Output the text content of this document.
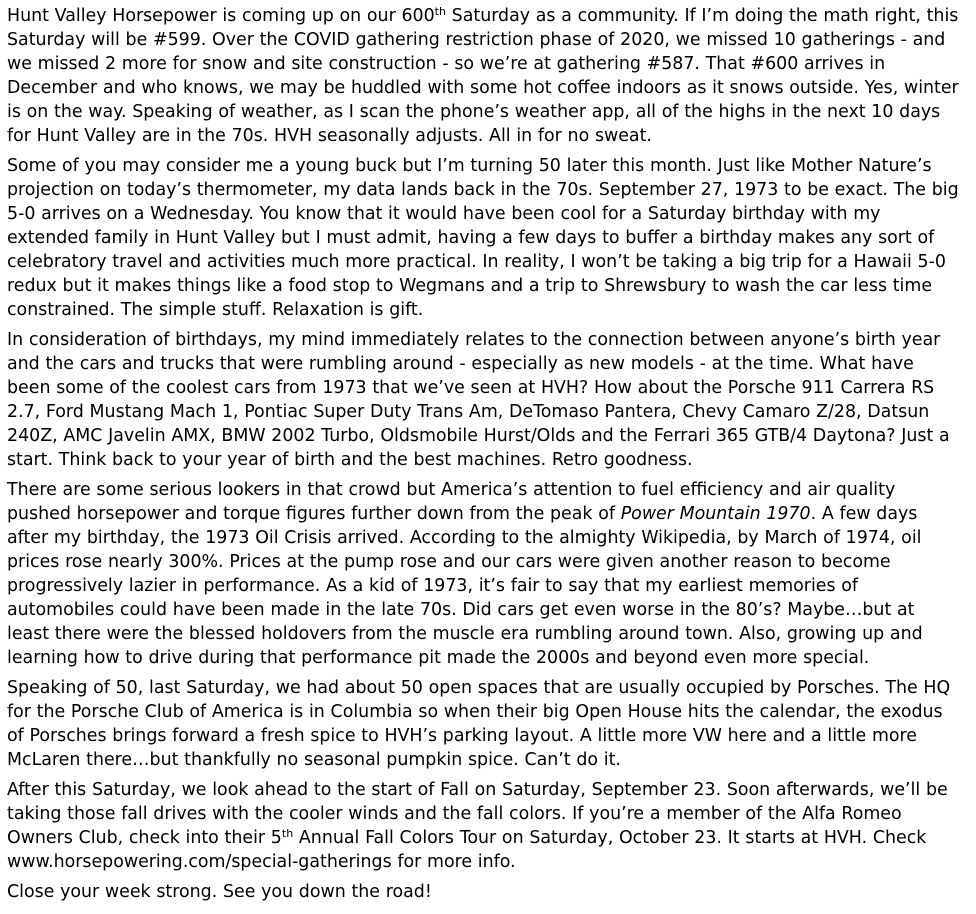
Hunt Valley Horsepower is coming up on our 600th Saturday as a community. If I’m doing the math right, this Saturday will be #599. Over the COVID gathering restriction phase of 2020, we missed 10 gatherings - and we missed 2 more for snow and site construction - so we’re at gathering #587. That #600 arrives in December and who knows, we may be huddled with some hot coffee indoors as it snows outside. Yes, winter is on the way. Speaking of weather, as I scan the phone’s weather app, all of the highs in the next 10 days for Hunt Valley are in the 70s. HVH seasonally adjusts. All in for no sweat.

Some of you may consider me a young buck but I’m turning 50 later this month. Just like Mother Nature’s projection on today’s thermometer, my data lands back in the 70s. September 27, 1973 to be exact. The big 5-0 arrives on a Wednesday. You know that it would have been cool for a Saturday birthday with my extended family in Hunt Valley but I must admit, having a few days to buffer a birthday makes any sort of celebratory travel and activities much more practical. In reality, I won’t be taking a big trip for a Hawaii 5-0 redux but it makes things like a food stop to Wegmans and a trip to Shrewsbury to wash the car less time constrained. The simple stuff. Relaxation is gift.

In consideration of birthdays, my mind immediately relates to the connection between anyone’s birth year and the cars and trucks that were rumbling around - especially as new models - at the time. What have been some of the coolest cars from 1973 that we’ve seen at HVH? How about the Porsche 911 Carrera RS 2.7, Ford Mustang Mach 1, Pontiac Super Duty Trans Am, DeTomaso Pantera, Chevy Camaro Z/28, Datsun 240Z, AMC Javelin AMX, BMW 2002 Turbo, Oldsmobile Hurst/Olds and the Ferrari 365 GTB/4 Daytona? Just a start. Think back to your year of birth and the best machines. Retro goodness.

There are some serious lookers in that crowd but America’s attention to fuel efficiency and air quality pushed horsepower and torque figures further down from the peak of Power Mountain 1970. A few days after my birthday, the 1973 Oil Crisis arrived. According to the almighty Wikipedia, by March of 1974, oil prices rose nearly 300%. Prices at the pump rose and our cars were given another reason to become progressively lazier in performance. As a kid of 1973, it’s fair to say that my earliest memories of automobiles could have been made in the late 70s. Did cars get even worse in the 80’s? Maybe…but at least there were the blessed holdovers from the muscle era rumbling around town. Also, growing up and learning how to drive during that performance pit made the 2000s and beyond even more special.

Speaking of 50, last Saturday, we had about 50 open spaces that are usually occupied by Porsches. The HQ for the Porsche Club of America is in Columbia so when their big Open House hits the calendar, the exodus of Porsches brings forward a fresh spice to HVH’s parking layout. A little more VW here and a little more McLaren there…but thankfully no seasonal pumpkin spice. Can’t do it.

After this Saturday, we look ahead to the start of Fall on Saturday, September 23. Soon afterwards, we’ll be taking those fall drives with the cooler winds and the fall colors. If you’re a member of the Alfa Romeo Owners Club, check into their 5th Annual Fall Colors Tour on Saturday, October 23. It starts at HVH. Check www.horsepowering.com/special-gatherings for more info.

Close your week strong. See you down the road!
